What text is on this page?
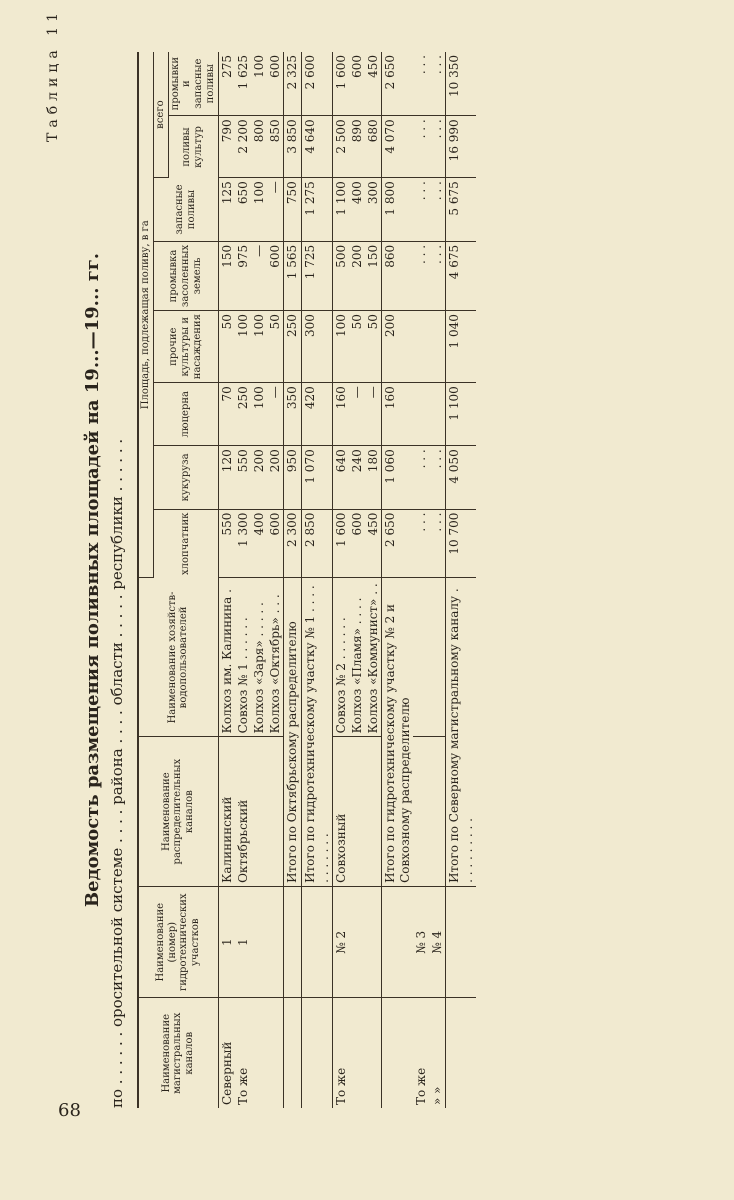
68
Таблица 11
Ведомость размещения поливных площадей на 19...—19... гг. по . . . . . . оросительной системе . . . . района . . . . области . . . . . республики . . . . . .	Наименование магистральных каналов	Наименование (номер) гидротехнических участков	Наименование распределительных каналов	Наименование хозяйств-водопользователей	Площадь, подлежащая поливу, в га							
				хлопчатник	кукуруза	люцерна	прочие культуры и насаждения	промывка засоленных земель	запасные поливы	всего	
										поливы культур	промывки и запасные поливы
Северный	1	Калининский	Колхоз им. Калинина .	550	120	70	50	150	125	790	275
То же	1	Октябрьский	Совхоз № 1 . . . . . .	1 300	550	250	100	975	650	2 200	1 625
			Колхоз «Заря» . . . . .	400	200	100	100	—	100	800	100
			Колхоз «Октябрь» . . .	600	200	—	50	600	—	850	600
		Итого по Октябрьскому распределителю		2 300	950	350	250	1 565	750	3 850	2 325
		Итого по гидротехническому участку № 1 . . . . . . . . . . .		2 850	1 070	420	300	1 725	1 275	4 640	2 600
То же	№ 2	Совхозный	Совхоз № 2 . . . . . .	1 600	640	160	100	500	1 100	2 500	1 600
			Колхоз «Пламя» . . . .	600	240	—	50	200	400	890	600
			Колхоз «Коммунист» . .	450	180	—	50	150	300	680	450
		Итого по гидротехническому участку № 2 и Совхозному распределителю		2 650	1 060	160	200	860	1 800	4 070	2 650
То же	№ 3			. . .	. . .			. . .	. . .	. . .	. . .
» »	№ 4			. . .	. . .			. . .	. . .	. . .	. . .
		Итого по Северному магистральному каналу . . . . . . . . . .		10 700	4 050	1 100	1 040	4 675	5 675	16 990	10 350
